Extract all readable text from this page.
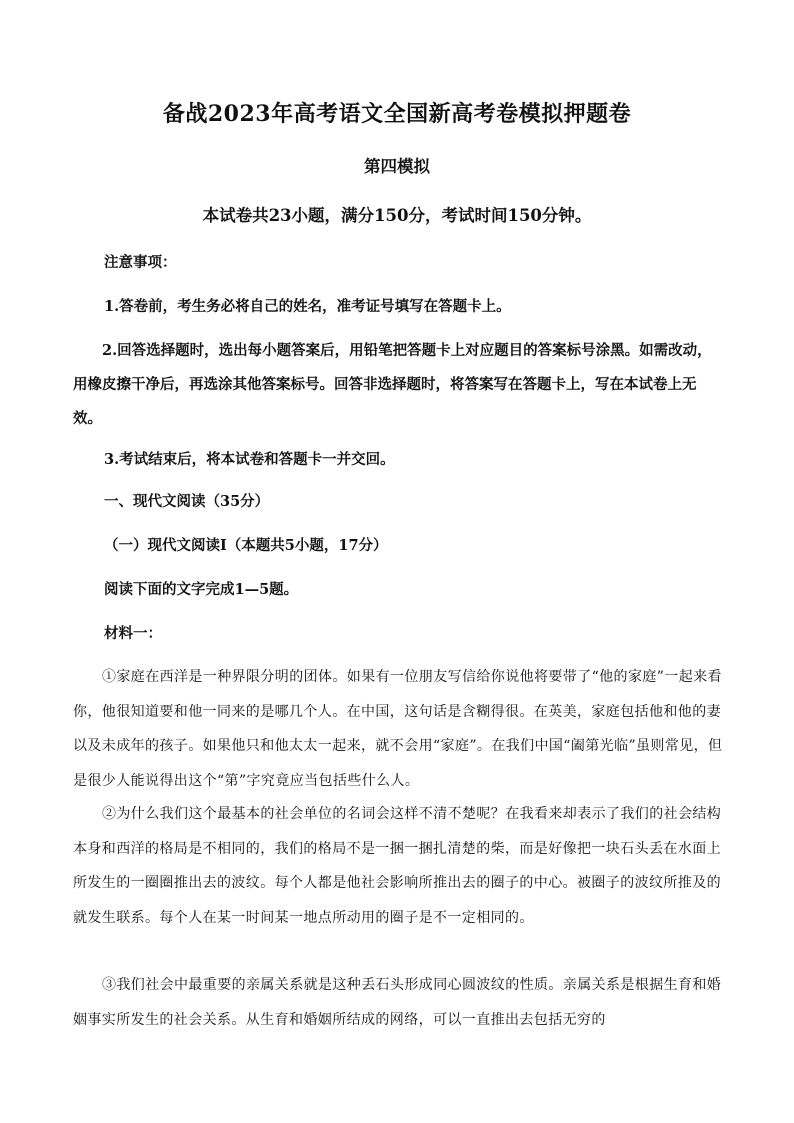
备战2023年高考语文全国新高考卷模拟押题卷
第四模拟
本试卷共23小题，满分150分，考试时间150分钟。
注意事项：
1.答卷前，考生务必将自己的姓名，准考证号填写在答题卡上。
2.回答选择题时，选出每小题答案后，用铅笔把答题卡上对应题目的答案标号涂黑。如需改动，用橡皮擦干净后，再选涂其他答案标号。回答非选择题时，将答案写在答题卡上，写在本试卷上无效。
3.考试结束后，将本试卷和答题卡一并交回。
一、现代文阅读（35分）
（一）现代文阅读Ⅰ（本题共5小题，17分）
阅读下面的文字完成1—5题。
材料一：
①家庭在西洋是一种界限分明的团体。如果有一位朋友写信给你说他将要带了“他的家庭”一起来看你，他很知道要和他一同来的是哪几个人。在中国，这句话是含糊得很。在英美，家庭包括他和他的妻以及未成年的孩子。如果他只和他太太一起来，就不会用“家庭”。在我们中国“阖第光临”虽则常见，但是很少人能说得出这个“第”字究竟应当包括些什么人。
②为什么我们这个最基本的社会单位的名词会这样不清不楚呢？在我看来却表示了我们的社会结构本身和西洋的格局是不相同的，我们的格局不是一捆一捆扎清楚的柴，而是好像把一块石头丢在水面上所发生的一圈圈推出去的波纹。每个人都是他社会影响所推出去的圈子的中心。被圈子的波纹所推及的就发生联系。每个人在某一时间某一地点所动用的圈子是不一定相同的。
③我们社会中最重要的亲属关系就是这种丢石头形成同心圆波纹的性质。亲属关系是根据生育和婚姻事实所发生的社会关系。从生育和婚姻所结成的网络，可以一直推出去包括无穷的
